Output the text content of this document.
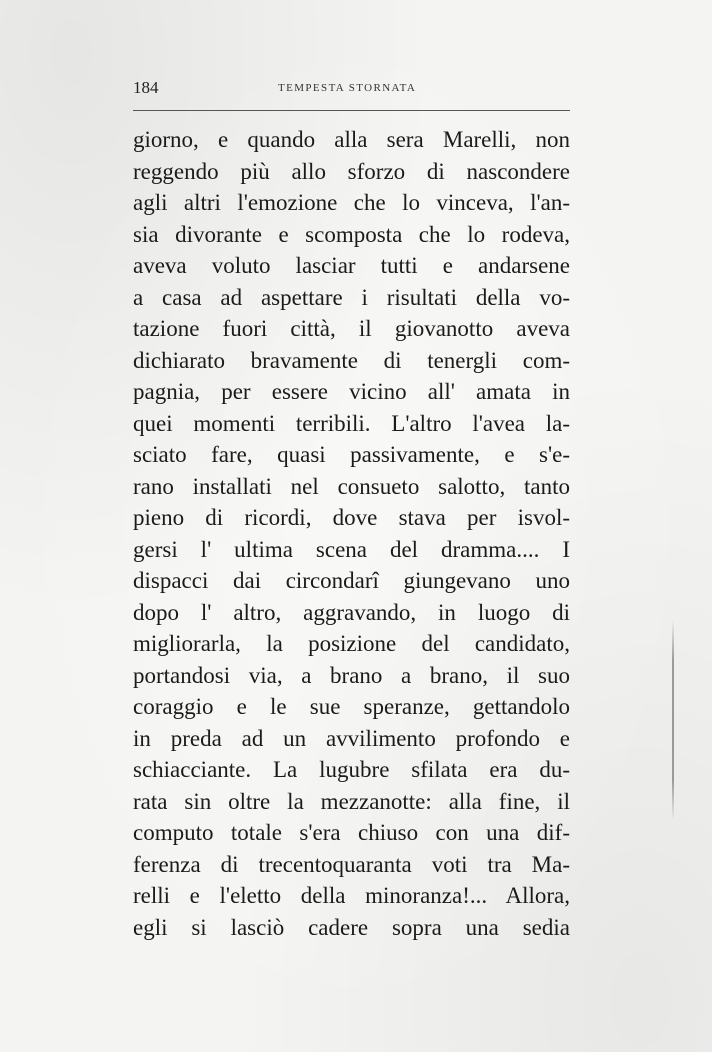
184	TEMPESTA STORNATA
giorno, e quando alla sera Marelli, non
reggendo più allo sforzo di nascondere
agli altri l'emozione che lo vinceva, l'an-
sia divorante e scomposta che lo rodeva,
aveva voluto lasciar tutti e andarsene
a casa ad aspettare i risultati della vo-
tazione fuori città, il giovanotto aveva
dichiarato bravamente di tenergli com-
pagnia, per essere vicino all' amata in
quei momenti terribili. L'altro l'avea la-
sciato fare, quasi passivamente, e s'e-
rano installati nel consueto salotto, tanto
pieno di ricordi, dove stava per isvol-
gersi l' ultima scena del dramma.... I
dispacci dai circondarî giungevano uno
dopo l' altro, aggravando, in luogo di
migliorarla, la posizione del candidato,
portandosi via, a brano a brano, il suo
coraggio e le sue speranze, gettandolo
in preda ad un avvilimento profondo e
schiacciante. La lugubre sfilata era du-
rata sin oltre la mezzanotte: alla fine, il
computo totale s'era chiuso con una dif-
ferenza di trecentoquaranta voti tra Ma-
relli e l'eletto della minoranza!... Allora,
egli si lasciò cadere sopra una sedia
